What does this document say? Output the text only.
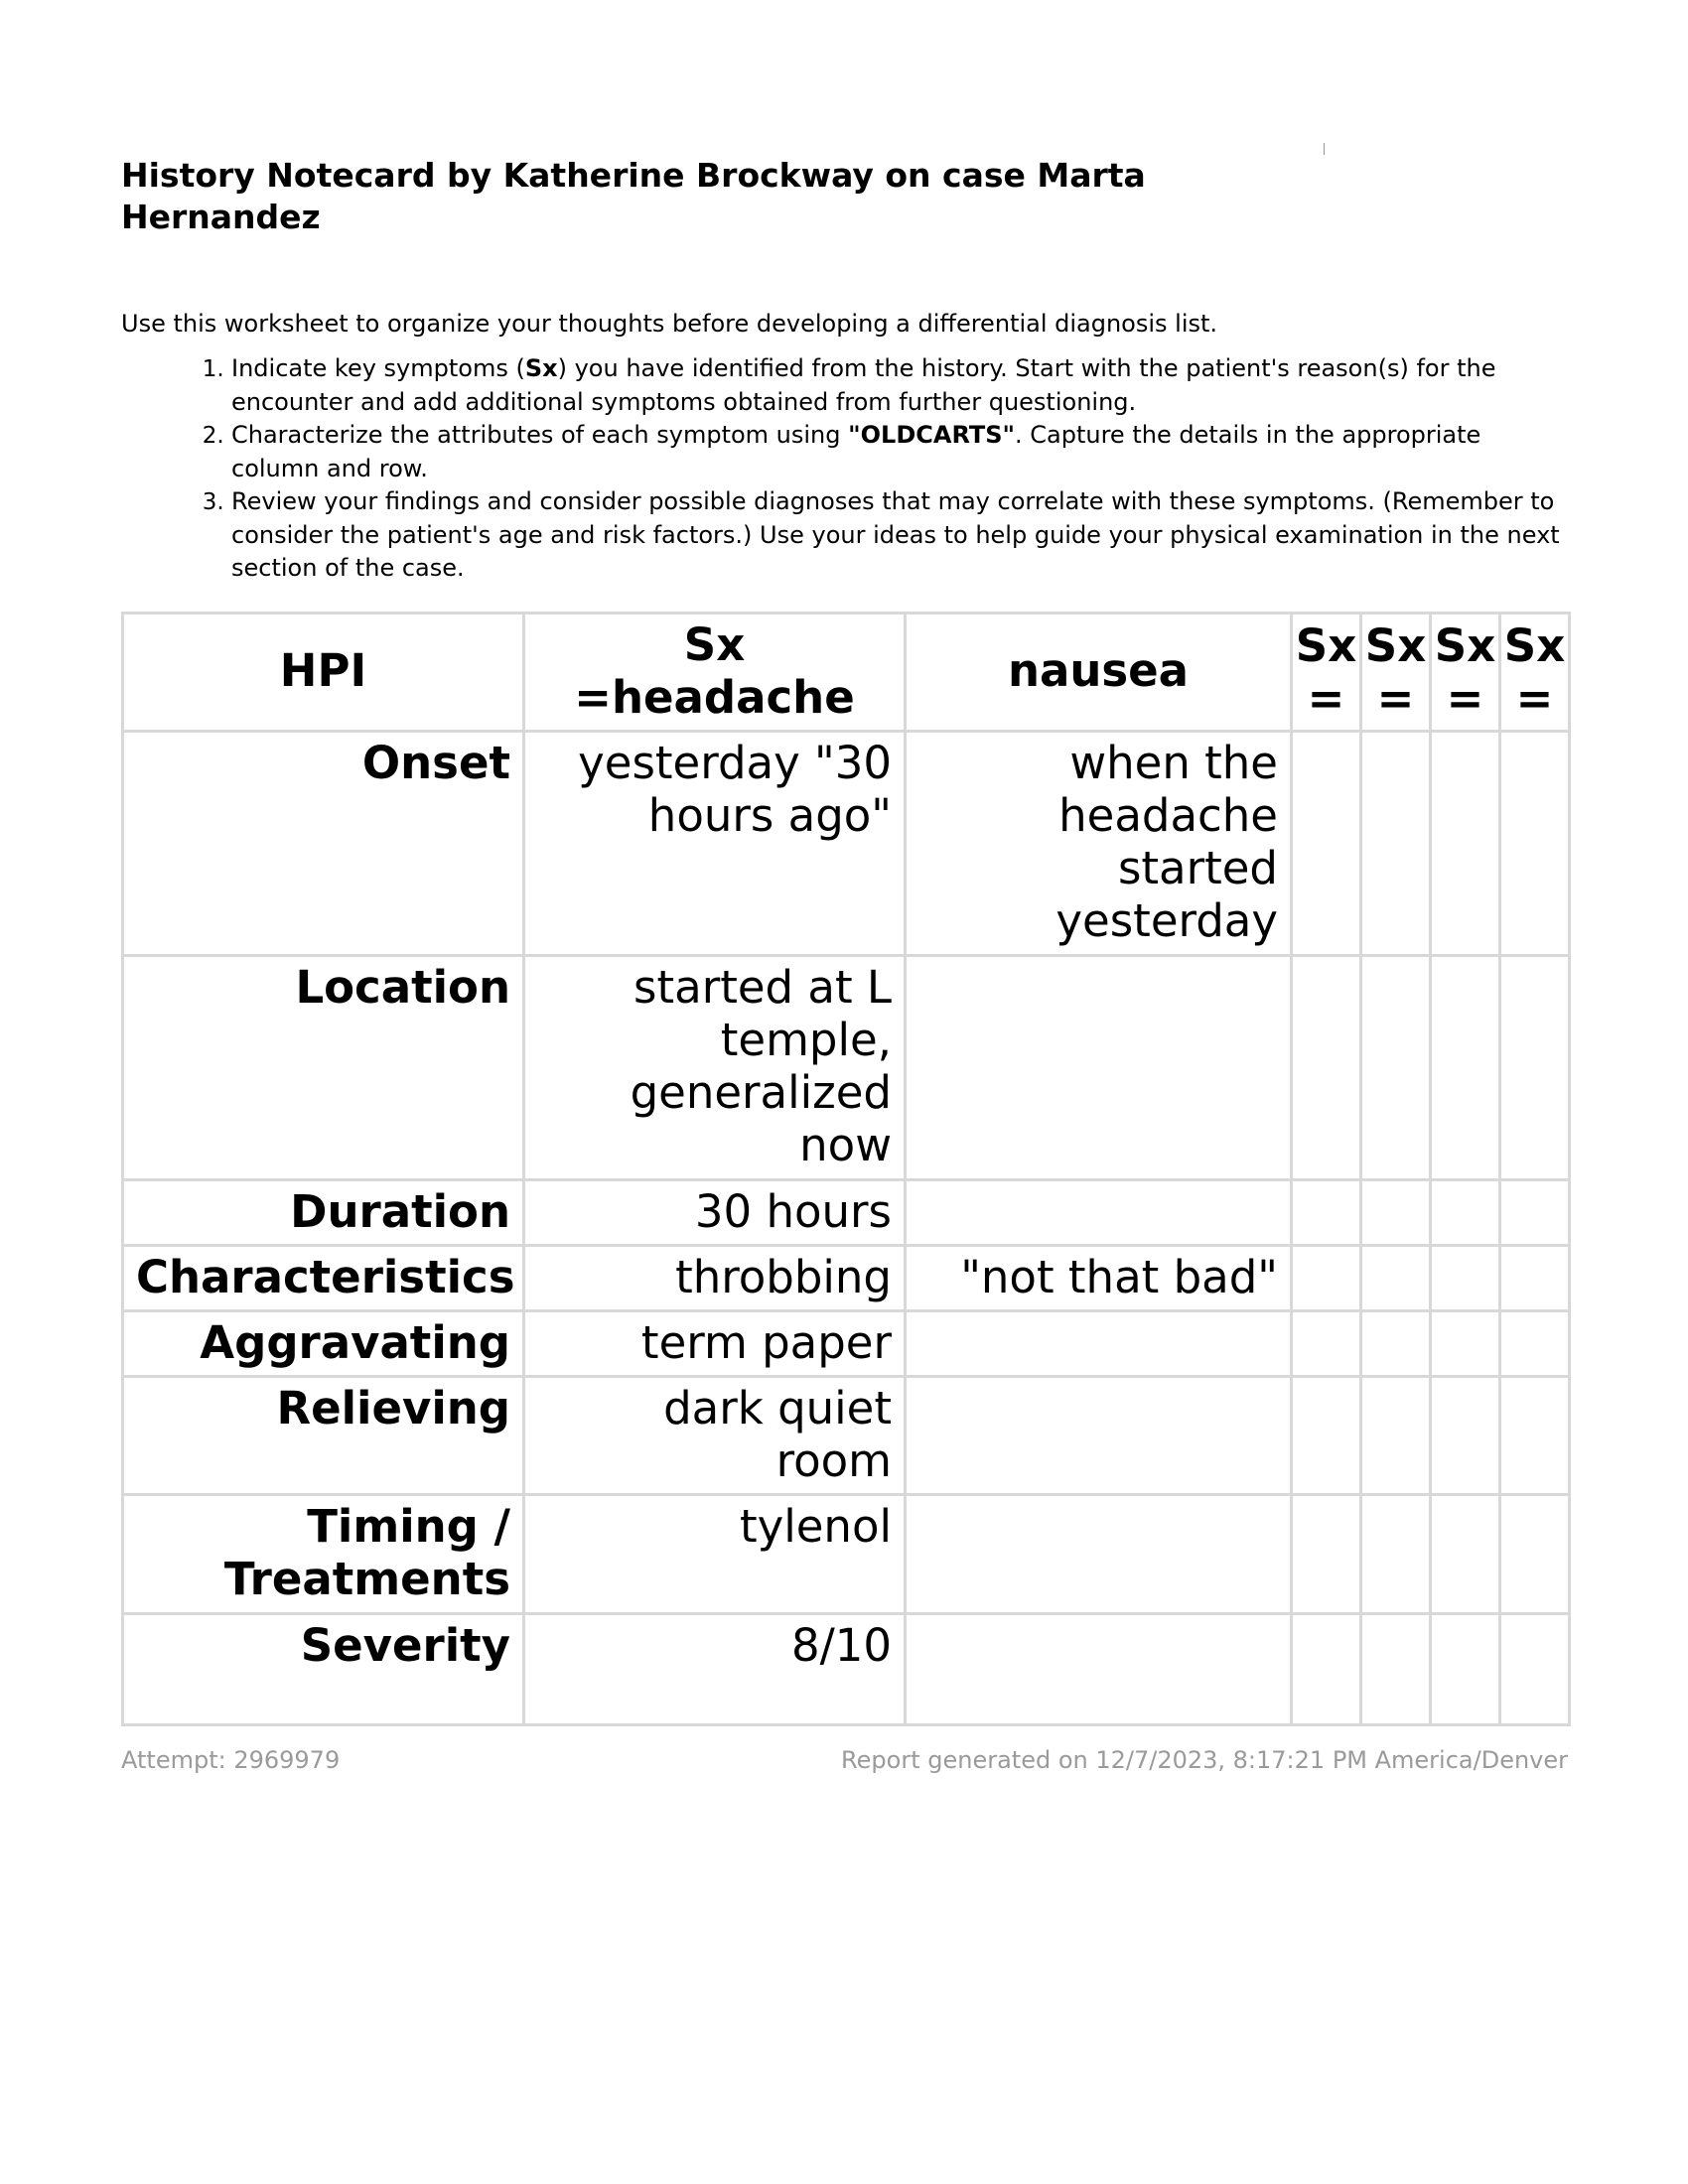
History Notecard by Katherine Brockway on case Marta Hernandez

Use this worksheet to organize your thoughts before developing a differential diagnosis list.

1. Indicate key symptoms (Sx) you have identified from the history. Start with the patient's reason(s) for the encounter and add additional symptoms obtained from further questioning.
2. Characterize the attributes of each symptom using "OLDCARTS". Capture the details in the appropriate column and row.
3. Review your findings and consider possible diagnoses that may correlate with these symptoms. (Remember to consider the patient's age and risk factors.) Use your ideas to help guide your physical examination in the next section of the case.
HPI	Sx =headache	nausea	Sx =	Sx =	Sx =	Sx =
Onset	yesterday "30 hours ago"	when the headache started yesterday				
Location	started at L temple, generalized now					
Duration	30 hours					
Characteristics	throbbing	"not that bad"				
Aggravating	term paper					
Relieving	dark quiet room					
Timing / Treatments	tylenol					
Severity	8/10					
Attempt: 2969979	Report generated on 12/7/2023, 8:17:21 PM America/Denver
